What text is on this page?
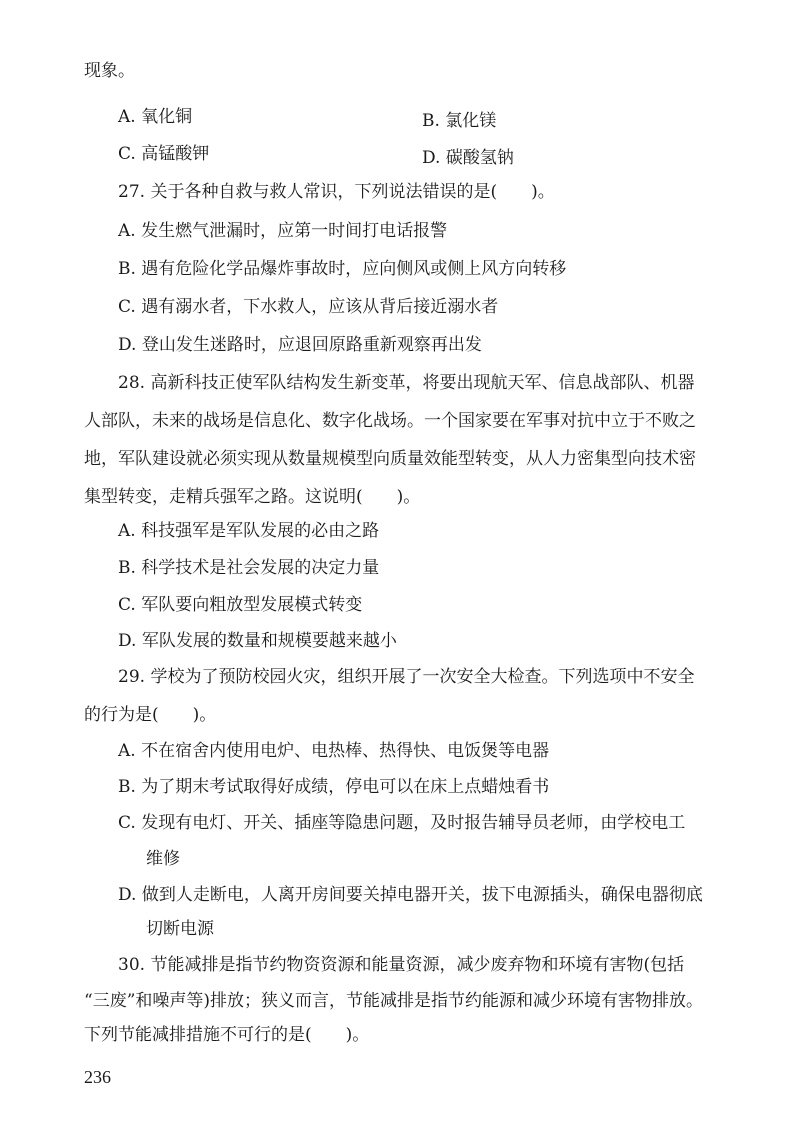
现象。
A. 氧化铜	B. 氯化镁
C. 高锰酸钾	D. 碳酸氢钠
27. 关于各种自救与救人常识，下列说法错误的是(　　)。
A. 发生燃气泄漏时，应第一时间打电话报警
B. 遇有危险化学品爆炸事故时，应向侧风或侧上风方向转移
C. 遇有溺水者，下水救人，应该从背后接近溺水者
D. 登山发生迷路时，应退回原路重新观察再出发
28. 高新科技正使军队结构发生新变革，将要出现航天军、信息战部队、机器
人部队，未来的战场是信息化、数字化战场。一个国家要在军事对抗中立于不败之
地，军队建设就必须实现从数量规模型向质量效能型转变，从人力密集型向技术密
集型转变，走精兵强军之路。这说明(　　)。
A. 科技强军是军队发展的必由之路
B. 科学技术是社会发展的决定力量
C. 军队要向粗放型发展模式转变
D. 军队发展的数量和规模要越来越小
29. 学校为了预防校园火灾，组织开展了一次安全大检查。下列选项中不安全
的行为是(　　)。
A. 不在宿舍内使用电炉、电热棒、热得快、电饭煲等电器
B. 为了期末考试取得好成绩，停电可以在床上点蜡烛看书
C. 发现有电灯、开关、插座等隐患问题，及时报告辅导员老师，由学校电工
维修
D. 做到人走断电，人离开房间要关掉电器开关，拔下电源插头，确保电器彻底
切断电源
30. 节能减排是指节约物资资源和能量资源，减少废弃物和环境有害物(包括
“三废”和噪声等)排放；狭义而言，节能减排是指节约能源和减少环境有害物排放。
下列节能减排措施不可行的是(　　)。
236
